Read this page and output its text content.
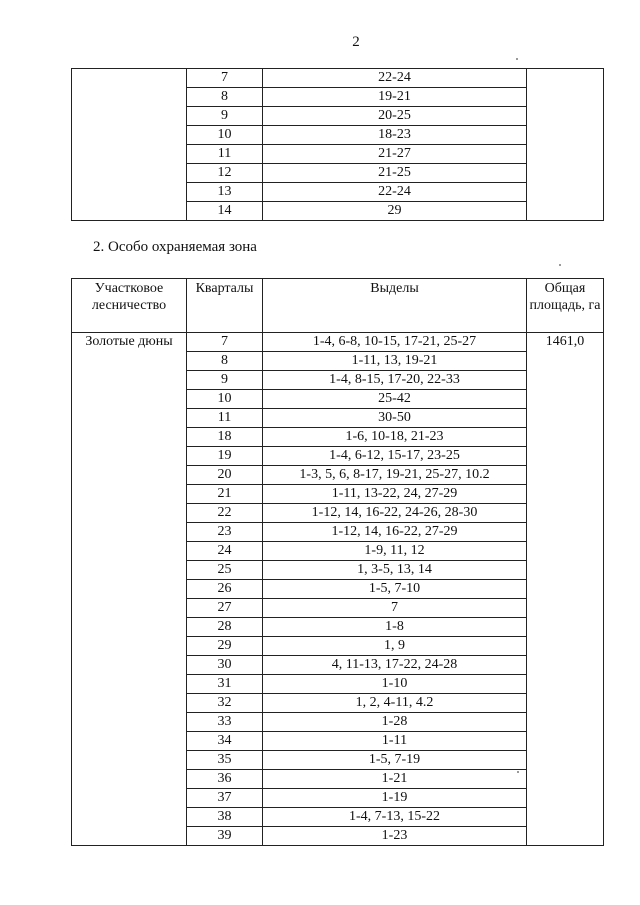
2
	7	22-24	
	8	19-21	
	9	20-25	
	10	18-23	
	11	21-27	
	12	21-25	
	13	22-24	
	14	29	
2. Особо охраняемая зона
Участковое лесничество	Кварталы	Выделы	Общая площадь, га
Золотые дюны	7	1-4, 6-8, 10-15, 17-21, 25-27	1461,0
	8	1-11, 13, 19-21	
	9	1-4, 8-15, 17-20, 22-33	
	10	25-42	
	11	30-50	
	18	1-6, 10-18, 21-23	
	19	1-4, 6-12, 15-17, 23-25	
	20	1-3, 5, 6, 8-17, 19-21, 25-27, 10.2	
	21	1-11, 13-22, 24, 27-29	
	22	1-12, 14, 16-22, 24-26, 28-30	
	23	1-12, 14, 16-22, 27-29	
	24	1-9, 11, 12	
	25	1, 3-5, 13, 14	
	26	1-5, 7-10	
	27	7	
	28	1-8	
	29	1, 9	
	30	4, 11-13, 17-22, 24-28	
	31	1-10	
	32	1, 2, 4-11, 4.2	
	33	1-28	
	34	1-11	
	35	1-5, 7-19	
	36	1-21	
	37	1-19	
	38	1-4, 7-13, 15-22	
	39	1-23	
